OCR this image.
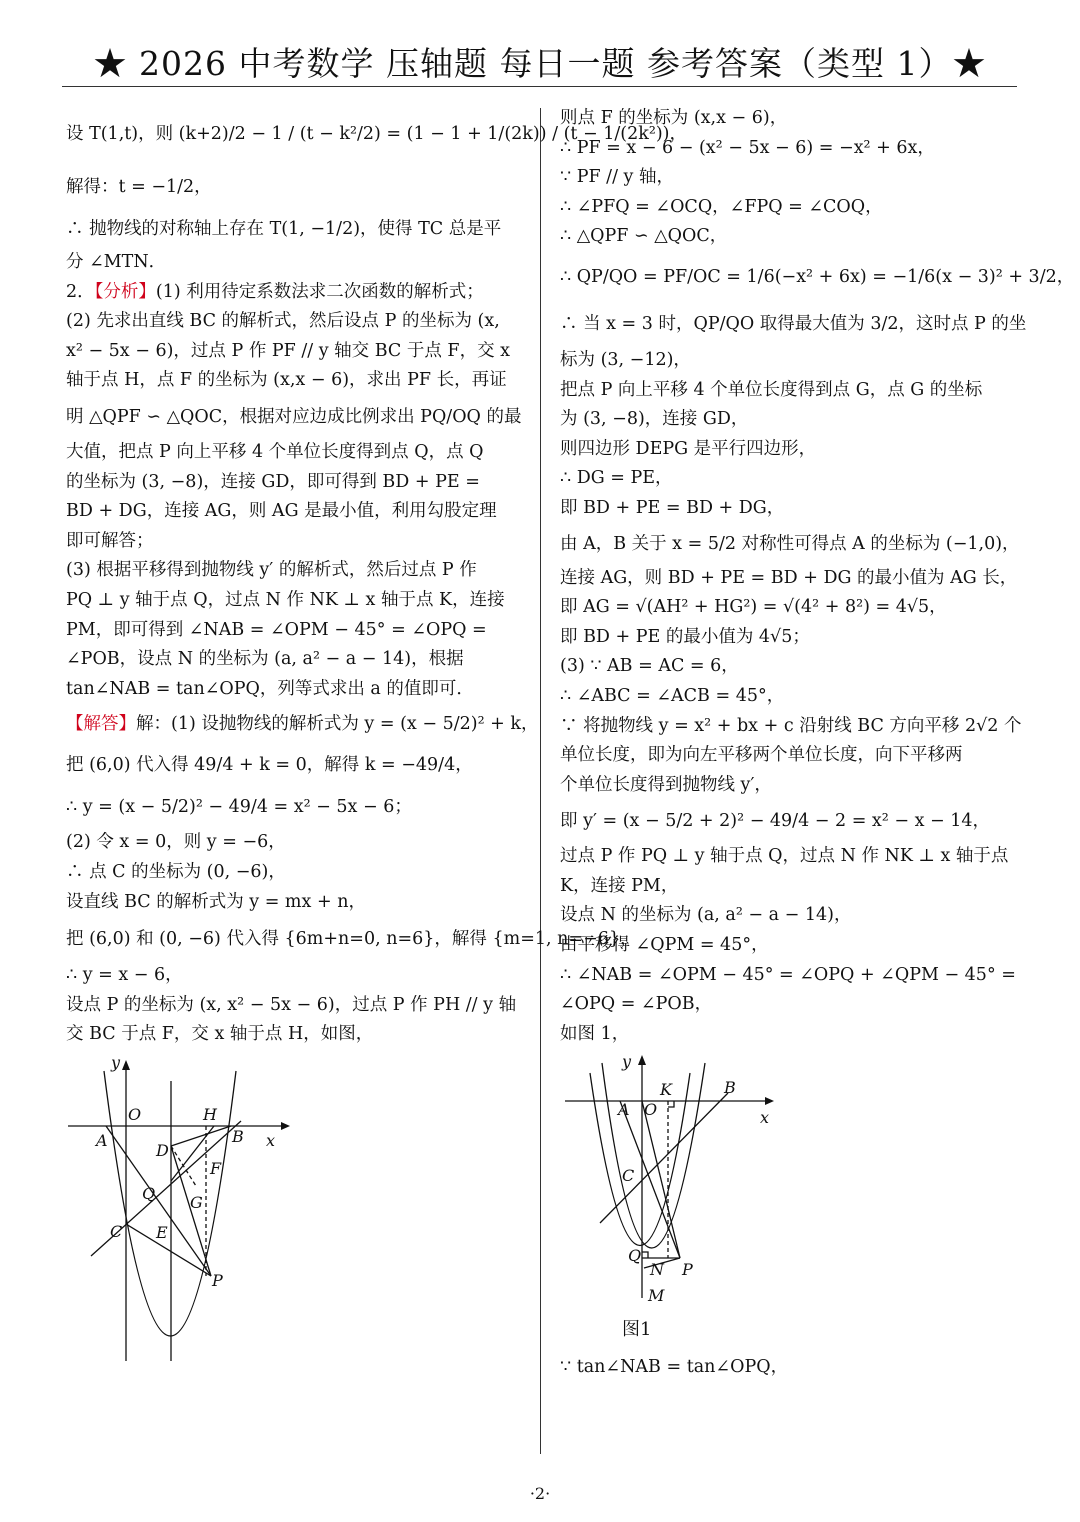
★ 2026 中考数学 压轴题 每日一题 参考答案（类型 1）★
设 T(1,t)，则 (k+2)/2 − 1 / (t − k²/2) = (1 − 1 + 1/(2k)) / (t − 1/(2k²))，
解得：t = −1/2，
∴ 抛物线的对称轴上存在 T(1, −1/2)，使得 TC 总是平
分 ∠MTN．
2．【分析】(1) 利用待定系数法求二次函数的解析式；
(2) 先求出直线 BC 的解析式，然后设点 P 的坐标为 (x,
x² − 5x − 6)，过点 P 作 PF // y 轴交 BC 于点 F，交 x
轴于点 H，点 F 的坐标为 (x,x − 6)，求出 PF 长，再证
明 △QPF ∽ △QOC，根据对应边成比例求出 PQ/OQ 的最
大值，把点 P 向上平移 4 个单位长度得到点 Q，点 Q
的坐标为 (3, −8)，连接 GD，即可得到 BD + PE =
BD + DG，连接 AG，则 AG 是最小值，利用勾股定理
即可解答；
(3) 根据平移得到抛物线 y′ 的解析式，然后过点 P 作
PQ ⊥ y 轴于点 Q，过点 N 作 NK ⊥ x 轴于点 K，连接
PM，即可得到 ∠NAB = ∠OPM − 45° = ∠OPQ =
∠POB，设点 N 的坐标为 (a, a² − a − 14)，根据
tan∠NAB = tan∠OPQ，列等式求出 a 的值即可．
【解答】解：(1) 设抛物线的解析式为 y = (x − 5/2)² + k，
把 (6,0) 代入得 49/4 + k = 0，解得 k = −49/4，
∴ y = (x − 5/2)² − 49/4 = x² − 5x − 6；
(2) 令 x = 0，则 y = −6，
∴ 点 C 的坐标为 (0, −6)，
设直线 BC 的解析式为 y = mx + n，
把 (6,0) 和 (0, −6) 代入得 {6m+n=0, n=6}，解得 {m=1, n=−6}，
∴ y = x − 6，
设点 P 的坐标为 (x, x² − 5x − 6)，过点 P 作 PH // y 轴
交 BC 于点 F，交 x 轴于点 H，如图，
y
O	H
A	B x
D
F
Q G
C E
P
则点 F 的坐标为 (x,x − 6)，
∴ PF = x − 6 − (x² − 5x − 6) = −x² + 6x，
∵ PF // y 轴，
∴ ∠PFQ = ∠OCQ，∠FPQ = ∠COQ，
∴ △QPF ∽ △QOC，
∴ QP/QO = PF/OC = 1/6(−x² + 6x) = −1/6(x − 3)² + 3/2，
∴ 当 x = 3 时，QP/QO 取得最大值为 3/2，这时点 P 的坐
标为 (3, −12)，
把点 P 向上平移 4 个单位长度得到点 G，点 G 的坐标
为 (3, −8)，连接 GD，
则四边形 DEPG 是平行四边形，
∴ DG = PE，
即 BD + PE = BD + DG，
由 A，B 关于 x = 5/2 对称性可得点 A 的坐标为 (−1,0)，
连接 AG，则 BD + PE = BD + DG 的最小值为 AG 长，
即 AG = √(AH² + HG²) = √(4² + 8²) = 4√5，
即 BD + PE 的最小值为 4√5；
(3) ∵ AB = AC = 6，
∴ ∠ABC = ∠ACB = 45°，
∵ 将抛物线 y = x² + bx + c 沿射线 BC 方向平移 2√2 个
单位长度，即为向左平移两个单位长度，向下平移两
个单位长度得到抛物线 y′，
即 y′ = (x − 5/2 + 2)² − 49/4 − 2 = x² − x − 14，
过点 P 作 PQ ⊥ y 轴于点 Q，过点 N 作 NK ⊥ x 轴于点
K，连接 PM，
设点 N 的坐标为 (a, a² − a − 14)，
由平移得 ∠QPM = 45°，
∴ ∠NAB = ∠OPM − 45° = ∠OPQ + ∠QPM − 45° =
∠OPQ = ∠POB，
如图 1，
y
K	B
A O	x
C
Q
N P
M
图1
∵ tan∠NAB = tan∠OPQ，
·2·
